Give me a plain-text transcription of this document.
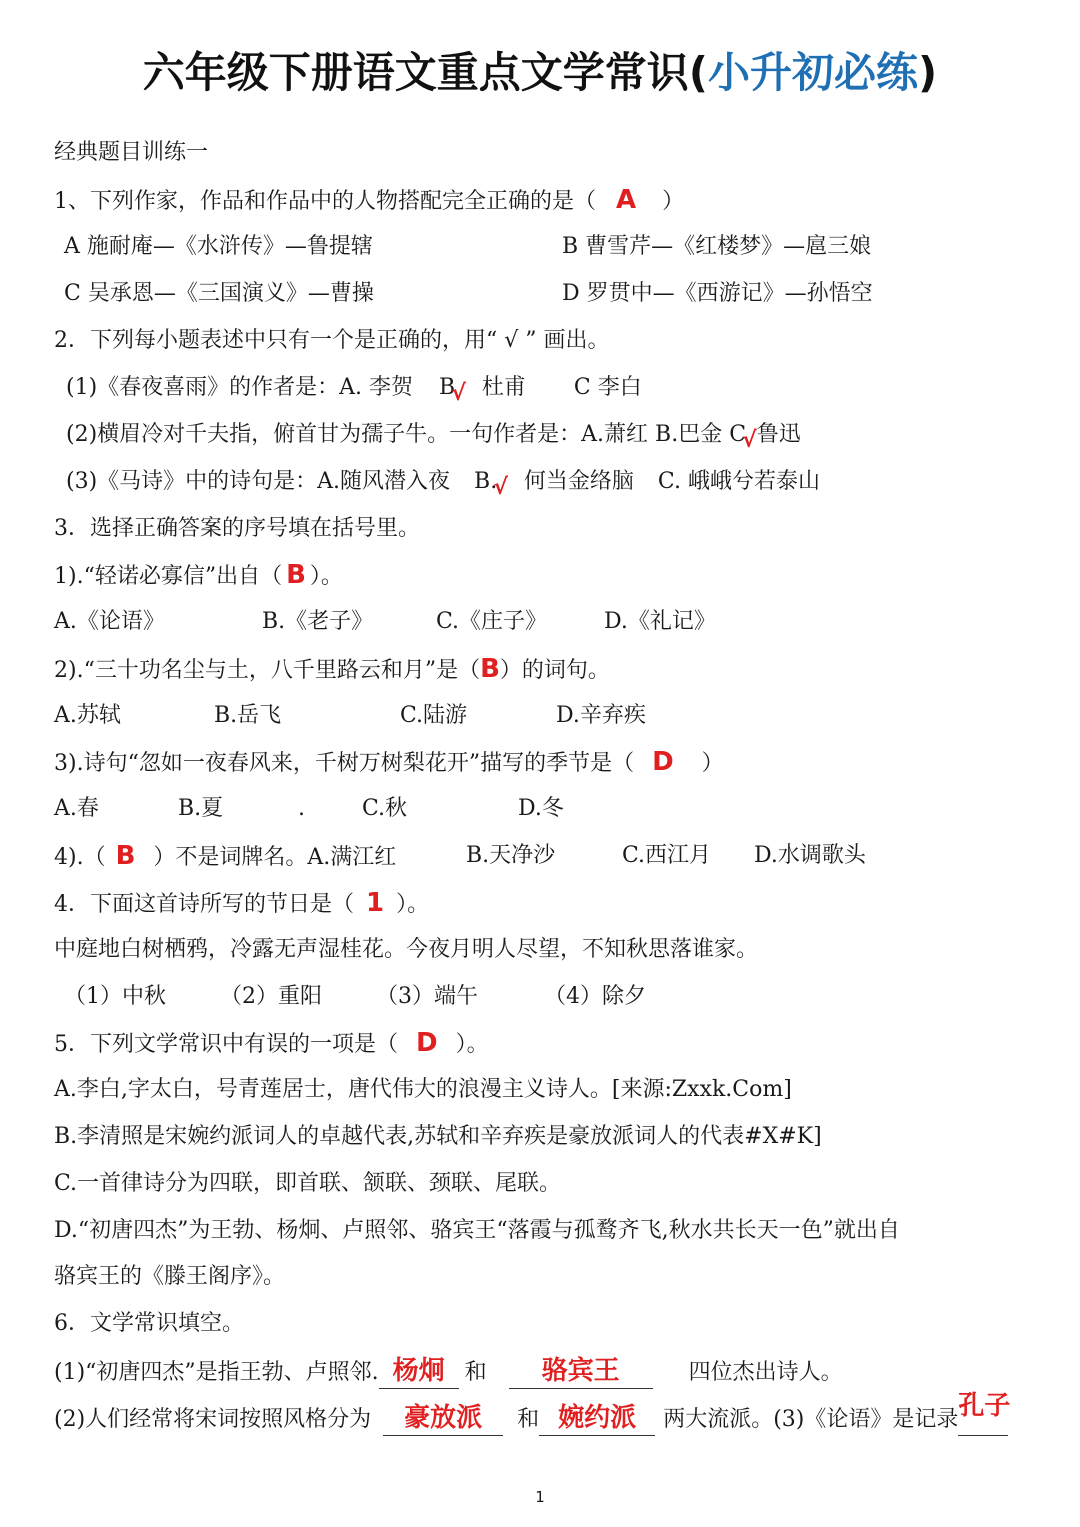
六年级下册语文重点文学常识(小升初必练)
经典题目训练一
1、下列作家，作品和作品中的人物搭配完全正确的是（ A ）
A 施耐庵—《水浒传》—鲁提辖	B 曹雪芹—《红楼梦》—扈三娘
C 吴承恩—《三国演义》—曹操	D 罗贯中—《西游记》—孙悟空
2．下列每小题表述中只有一个是正确的，用“ √ ” 画出。
(1)《春夜喜雨》的作者是：A. 李贺 B√ 杜甫 C 李白
(2)横眉冷对千夫指，俯首甘为孺子牛。一句作者是：A.萧红 B.巴金 C√鲁迅
(3)《马诗》中的诗句是：A.随风潜入夜 B.√ 何当金络脑 C. 峨峨兮若泰山
3．选择正确答案的序号填在括号里。
1).“轻诺必寡信”出自（ B ）。
A.《论语》	B.《老子》	C.《庄子》	D.《礼记》
2).“三十功名尘与土，八千里路云和月”是（B）的词句。
A.苏轼	B.岳飞	C.陆游	D.辛弃疾
3).诗句“忽如一夜春风来，千树万树梨花开”描写的季节是（ D ）
A.春	B.夏	.	C.秋	D.冬
4).（ B ）不是词牌名。A.满江红	B.天净沙	C.西江月 D.水调歌头
4．下面这首诗所写的节日是（ 1 ）。
中庭地白树栖鸦，冷露无声湿桂花。今夜月明人尽望，不知秋思落谁家。
（1）中秋 （2）重阳 （3）端午	（4）除夕
5．下列文学常识中有误的一项是（ D ）。
A.李白,字太白，号青莲居士，唐代伟大的浪漫主义诗人。[来源:Zxxk.Com]
B.李清照是宋婉约派词人的卓越代表,苏轼和辛弃疾是豪放派词人的代表#X#K]
C.一首律诗分为四联，即首联、颔联、颈联、尾联。
D.“初唐四杰”为王勃、杨炯、卢照邻、骆宾王“落霞与孤鹜齐飞,秋水共长天一色”就出自
骆宾王的《滕王阁序》。
6．文学常识填空。
(1)“初唐四杰”是指王勃、卢照邻. 杨炯 和 骆宾王	四位杰出诗人。
(2)人们经常将宋词按照风格分为 豪放派 和 婉约派 两大流派。(3)《论语》是记录孔子
1
